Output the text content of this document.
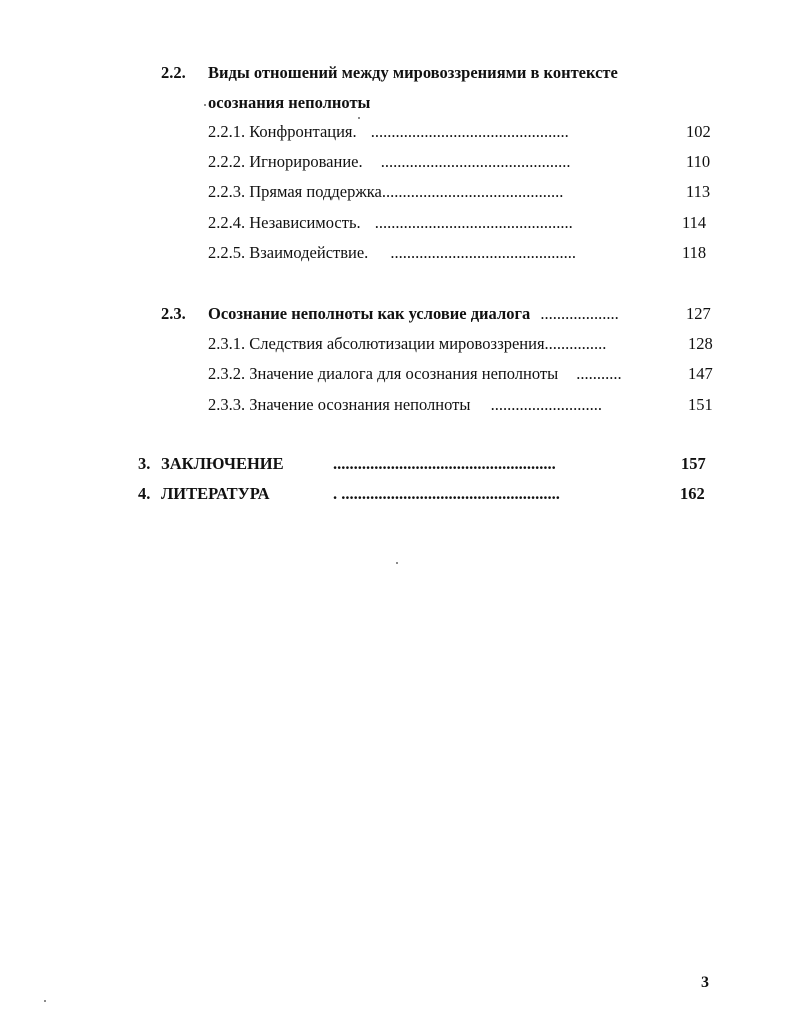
2.2. Виды отношений между мировоззрениями в контексте
осознания неполноты
2.2.1. Конфронтация. ................................................	102
2.2.2. Игнорирование. ..............................................	110
2.2.3. Прямая поддержка............................................	113
2.2.4. Независимость. ................................................	114
2.2.5. Взаимодействие. .............................................	118
2.3. Осознание неполноты как условие диалога ...................	127
2.3.1. Следствия абсолютизации мировоззрения...............	128
2.3.2. Значение диалога для осознания неполноты ...........	147
2.3.3. Значение осознания неполноты ...........................	151
3. ЗАКЛЮЧЕНИЕ	......................................................	157
4. ЛИТЕРАТУРА	. .....................................................	162
3
